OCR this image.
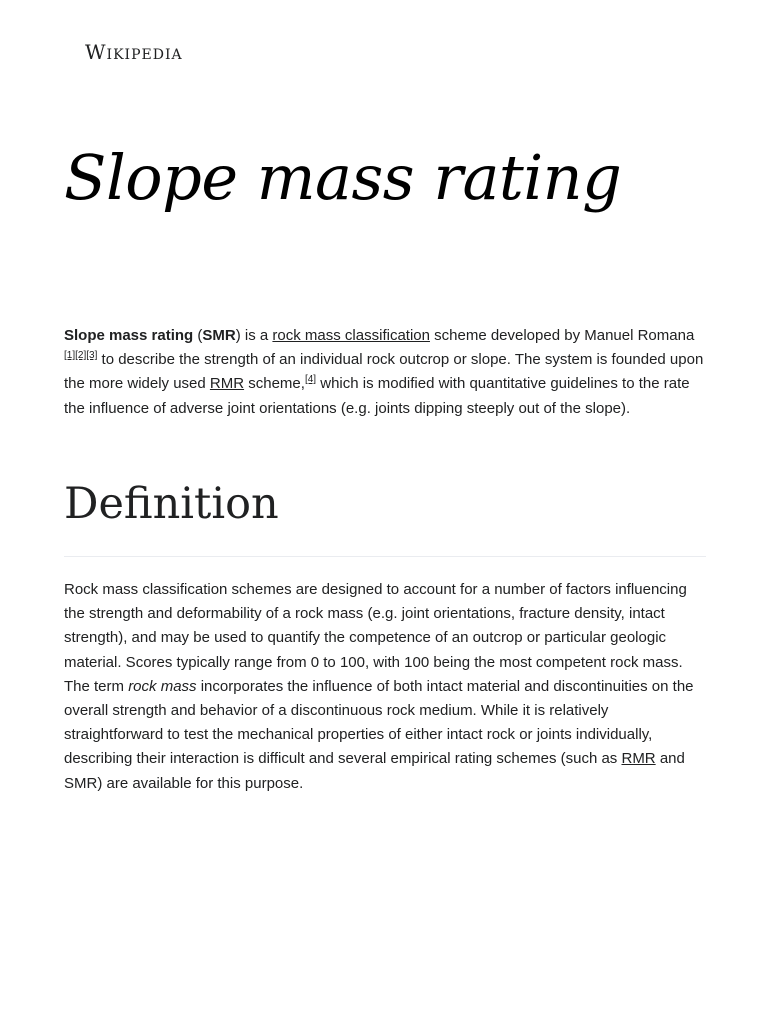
Wikipedia
Slope mass rating

Slope mass rating (SMR) is a rock mass classification scheme developed by Manuel Romana [1][2][3] to describe the strength of an individual rock outcrop or slope. The system is founded upon the more widely used RMR scheme,[4] which is modified with quantitative guidelines to the rate the influence of adverse joint orientations (e.g. joints dipping steeply out of the slope).

Definition

Rock mass classification schemes are designed to account for a number of factors influencing the strength and deformability of a rock mass (e.g. joint orientations, fracture density, intact strength), and may be used to quantify the competence of an outcrop or particular geologic material. Scores typically range from 0 to 100, with 100 being the most competent rock mass. The term rock mass incorporates the influence of both intact material and discontinuities on the overall strength and behavior of a discontinuous rock medium. While it is relatively straightforward to test the mechanical properties of either intact rock or joints individually, describing their interaction is difficult and several empirical rating schemes (such as RMR and SMR) are available for this purpose.
